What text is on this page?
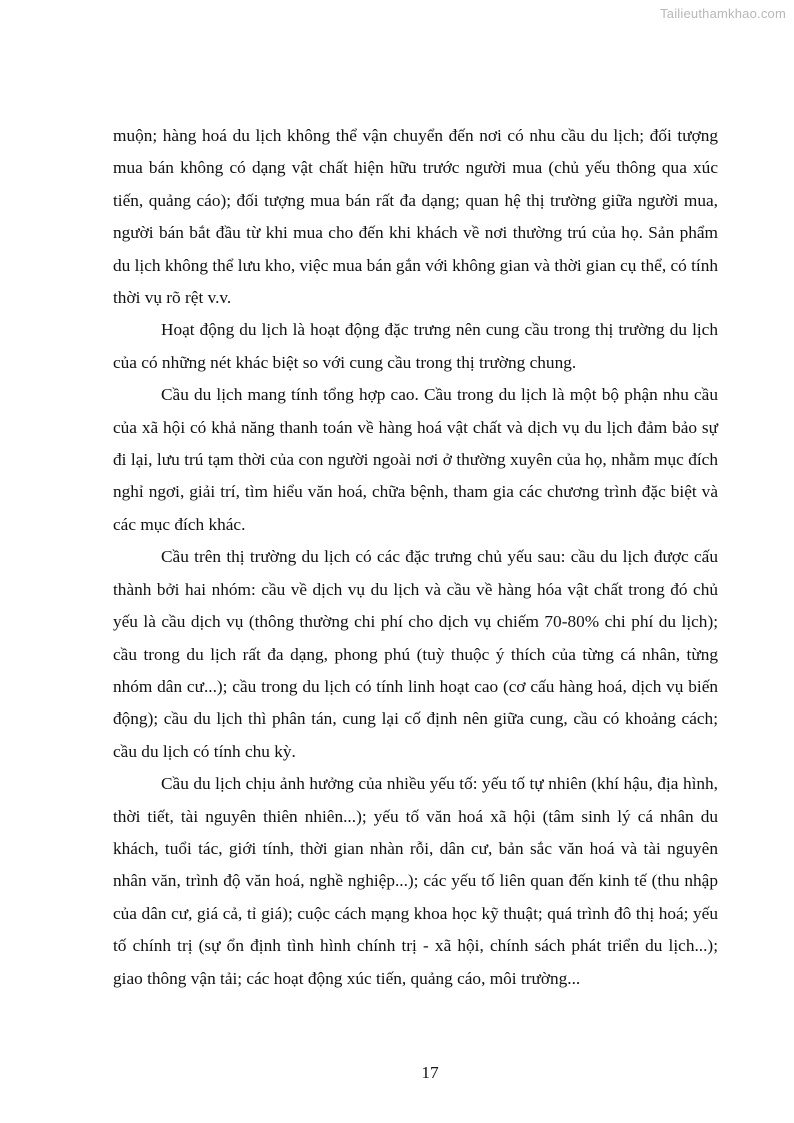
Tailieuthamkhao.com

muộn; hàng hoá du lịch không thể vận chuyển đến nơi có nhu cầu du lịch; đối tượng mua bán không có dạng vật chất hiện hữu trước người mua (chủ yếu thông qua xúc tiến, quảng cáo); đối tượng mua bán rất đa dạng; quan hệ thị trường giữa người mua, người bán bắt đầu từ khi mua cho đến khi khách về nơi thường trú của họ. Sản phẩm du lịch không thể lưu kho, việc mua bán gắn với không gian và thời gian cụ thể, có tính thời vụ rõ rệt v.v.

Hoạt động du lịch là hoạt động đặc trưng nên cung cầu trong thị trường du lịch của có những nét khác biệt so với cung cầu trong thị trường chung.

Cầu du lịch mang tính tổng hợp cao. Cầu trong du lịch là một bộ phận nhu cầu của xã hội có khả năng thanh toán về hàng hoá vật chất và dịch vụ du lịch đảm bảo sự đi lại, lưu trú tạm thời của con người ngoài nơi ở thường xuyên của họ, nhằm mục đích nghỉ ngơi, giải trí, tìm hiểu văn hoá, chữa bệnh, tham gia các chương trình đặc biệt và các mục đích khác.

Cầu trên thị trường du lịch có các đặc trưng chủ yếu sau: cầu du lịch được cấu thành bởi hai nhóm: cầu về dịch vụ du lịch và cầu về hàng hóa vật chất trong đó chủ yếu là cầu dịch vụ (thông thường chi phí cho dịch vụ chiếm 70-80% chi phí du lịch); cầu trong du lịch rất đa dạng, phong phú (tuỳ thuộc ý thích của từng cá nhân, từng nhóm dân cư...); cầu trong du lịch có tính linh hoạt cao (cơ cấu hàng hoá, dịch vụ biến động); cầu du lịch thì phân tán, cung lại cố định nên giữa cung, cầu có khoảng cách; cầu du lịch có tính chu kỳ.

Cầu du lịch chịu ảnh hưởng của nhiều yếu tố: yếu tố tự nhiên (khí hậu, địa hình, thời tiết, tài nguyên thiên nhiên...); yếu tố văn hoá xã hội (tâm sinh lý cá nhân du khách, tuổi tác, giới tính, thời gian nhàn rỗi, dân cư, bản sắc văn hoá và tài nguyên nhân văn, trình độ văn hoá, nghề nghiệp...); các yếu tố liên quan đến kinh tế (thu nhập của dân cư, giá cả, tỉ giá); cuộc cách mạng khoa học kỹ thuật; quá trình đô thị hoá; yếu tố chính trị (sự ổn định tình hình chính trị - xã hội, chính sách phát triển du lịch...); giao thông vận tải; các hoạt động xúc tiến, quảng cáo, môi trường...

17
